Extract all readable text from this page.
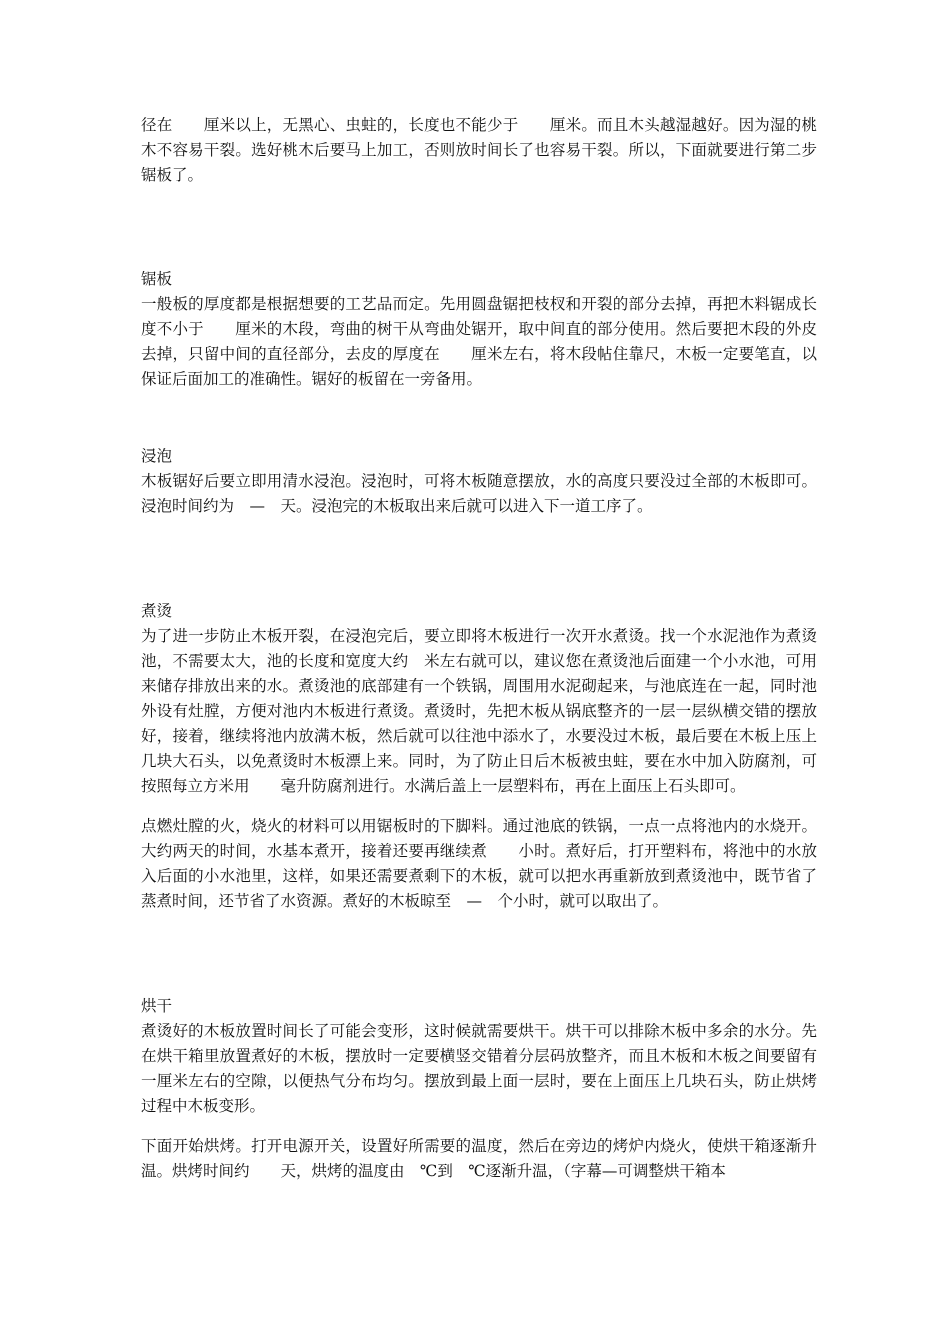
径在　　厘米以上，无黑心、虫蛀的，长度也不能少于　　厘米。而且木头越湿越好。因为湿的桃木不容易干裂。选好桃木后要马上加工，否则放时间长了也容易干裂。所以，下面就要进行第二步锯板了。

锯板

一般板的厚度都是根据想要的工艺品而定。先用圆盘锯把枝杈和开裂的部分去掉，再把木料锯成长度不小于　　厘米的木段，弯曲的树干从弯曲处锯开，取中间直的部分使用。然后要把木段的外皮去掉，只留中间的直径部分，去皮的厚度在　　厘米左右，将木段帖住靠尺，木板一定要笔直，以保证后面加工的准确性。锯好的板留在一旁备用。

浸泡

木板锯好后要立即用清水浸泡。浸泡时，可将木板随意摆放，水的高度只要没过全部的木板即可。浸泡时间约为　—　天。浸泡完的木板取出来后就可以进入下一道工序了。

煮烫

为了进一步防止木板开裂，在浸泡完后，要立即将木板进行一次开水煮烫。找一个水泥池作为煮烫池，不需要太大，池的长度和宽度大约　米左右就可以，建议您在煮烫池后面建一个小水池，可用来储存排放出来的水。煮烫池的底部建有一个铁锅，周围用水泥砌起来，与池底连在一起，同时池外设有灶膛，方便对池内木板进行煮烫。煮烫时，先把木板从锅底整齐的一层一层纵横交错的摆放好，接着，继续将池内放满木板，然后就可以往池中添水了，水要没过木板，最后要在木板上压上几块大石头，以免煮烫时木板漂上来。同时，为了防止日后木板被虫蛀，要在水中加入防腐剂，可按照每立方米用　　毫升防腐剂进行。水满后盖上一层塑料布，再在上面压上石头即可。

点燃灶膛的火，烧火的材料可以用锯板时的下脚料。通过池底的铁锅，一点一点将池内的水烧开。大约两天的时间，水基本煮开，接着还要再继续煮　　小时。煮好后，打开塑料布，将池中的水放入后面的小水池里，这样，如果还需要煮剩下的木板，就可以把水再重新放到煮烫池中，既节省了蒸煮时间，还节省了水资源。煮好的木板晾至　—　个小时，就可以取出了。

烘干

煮烫好的木板放置时间长了可能会变形，这时候就需要烘干。烘干可以排除木板中多余的水分。先在烘干箱里放置煮好的木板，摆放时一定要横竖交错着分层码放整齐，而且木板和木板之间要留有一厘米左右的空隙，以便热气分布均匀。摆放到最上面一层时，要在上面压上几块石头，防止烘烤过程中木板变形。

下面开始烘烤。打开电源开关，设置好所需要的温度，然后在旁边的烤炉内烧火，使烘干箱逐渐升温。烘烤时间约　　天，烘烤的温度由　℃到　℃逐渐升温，（字幕—可调整烘干箱本
